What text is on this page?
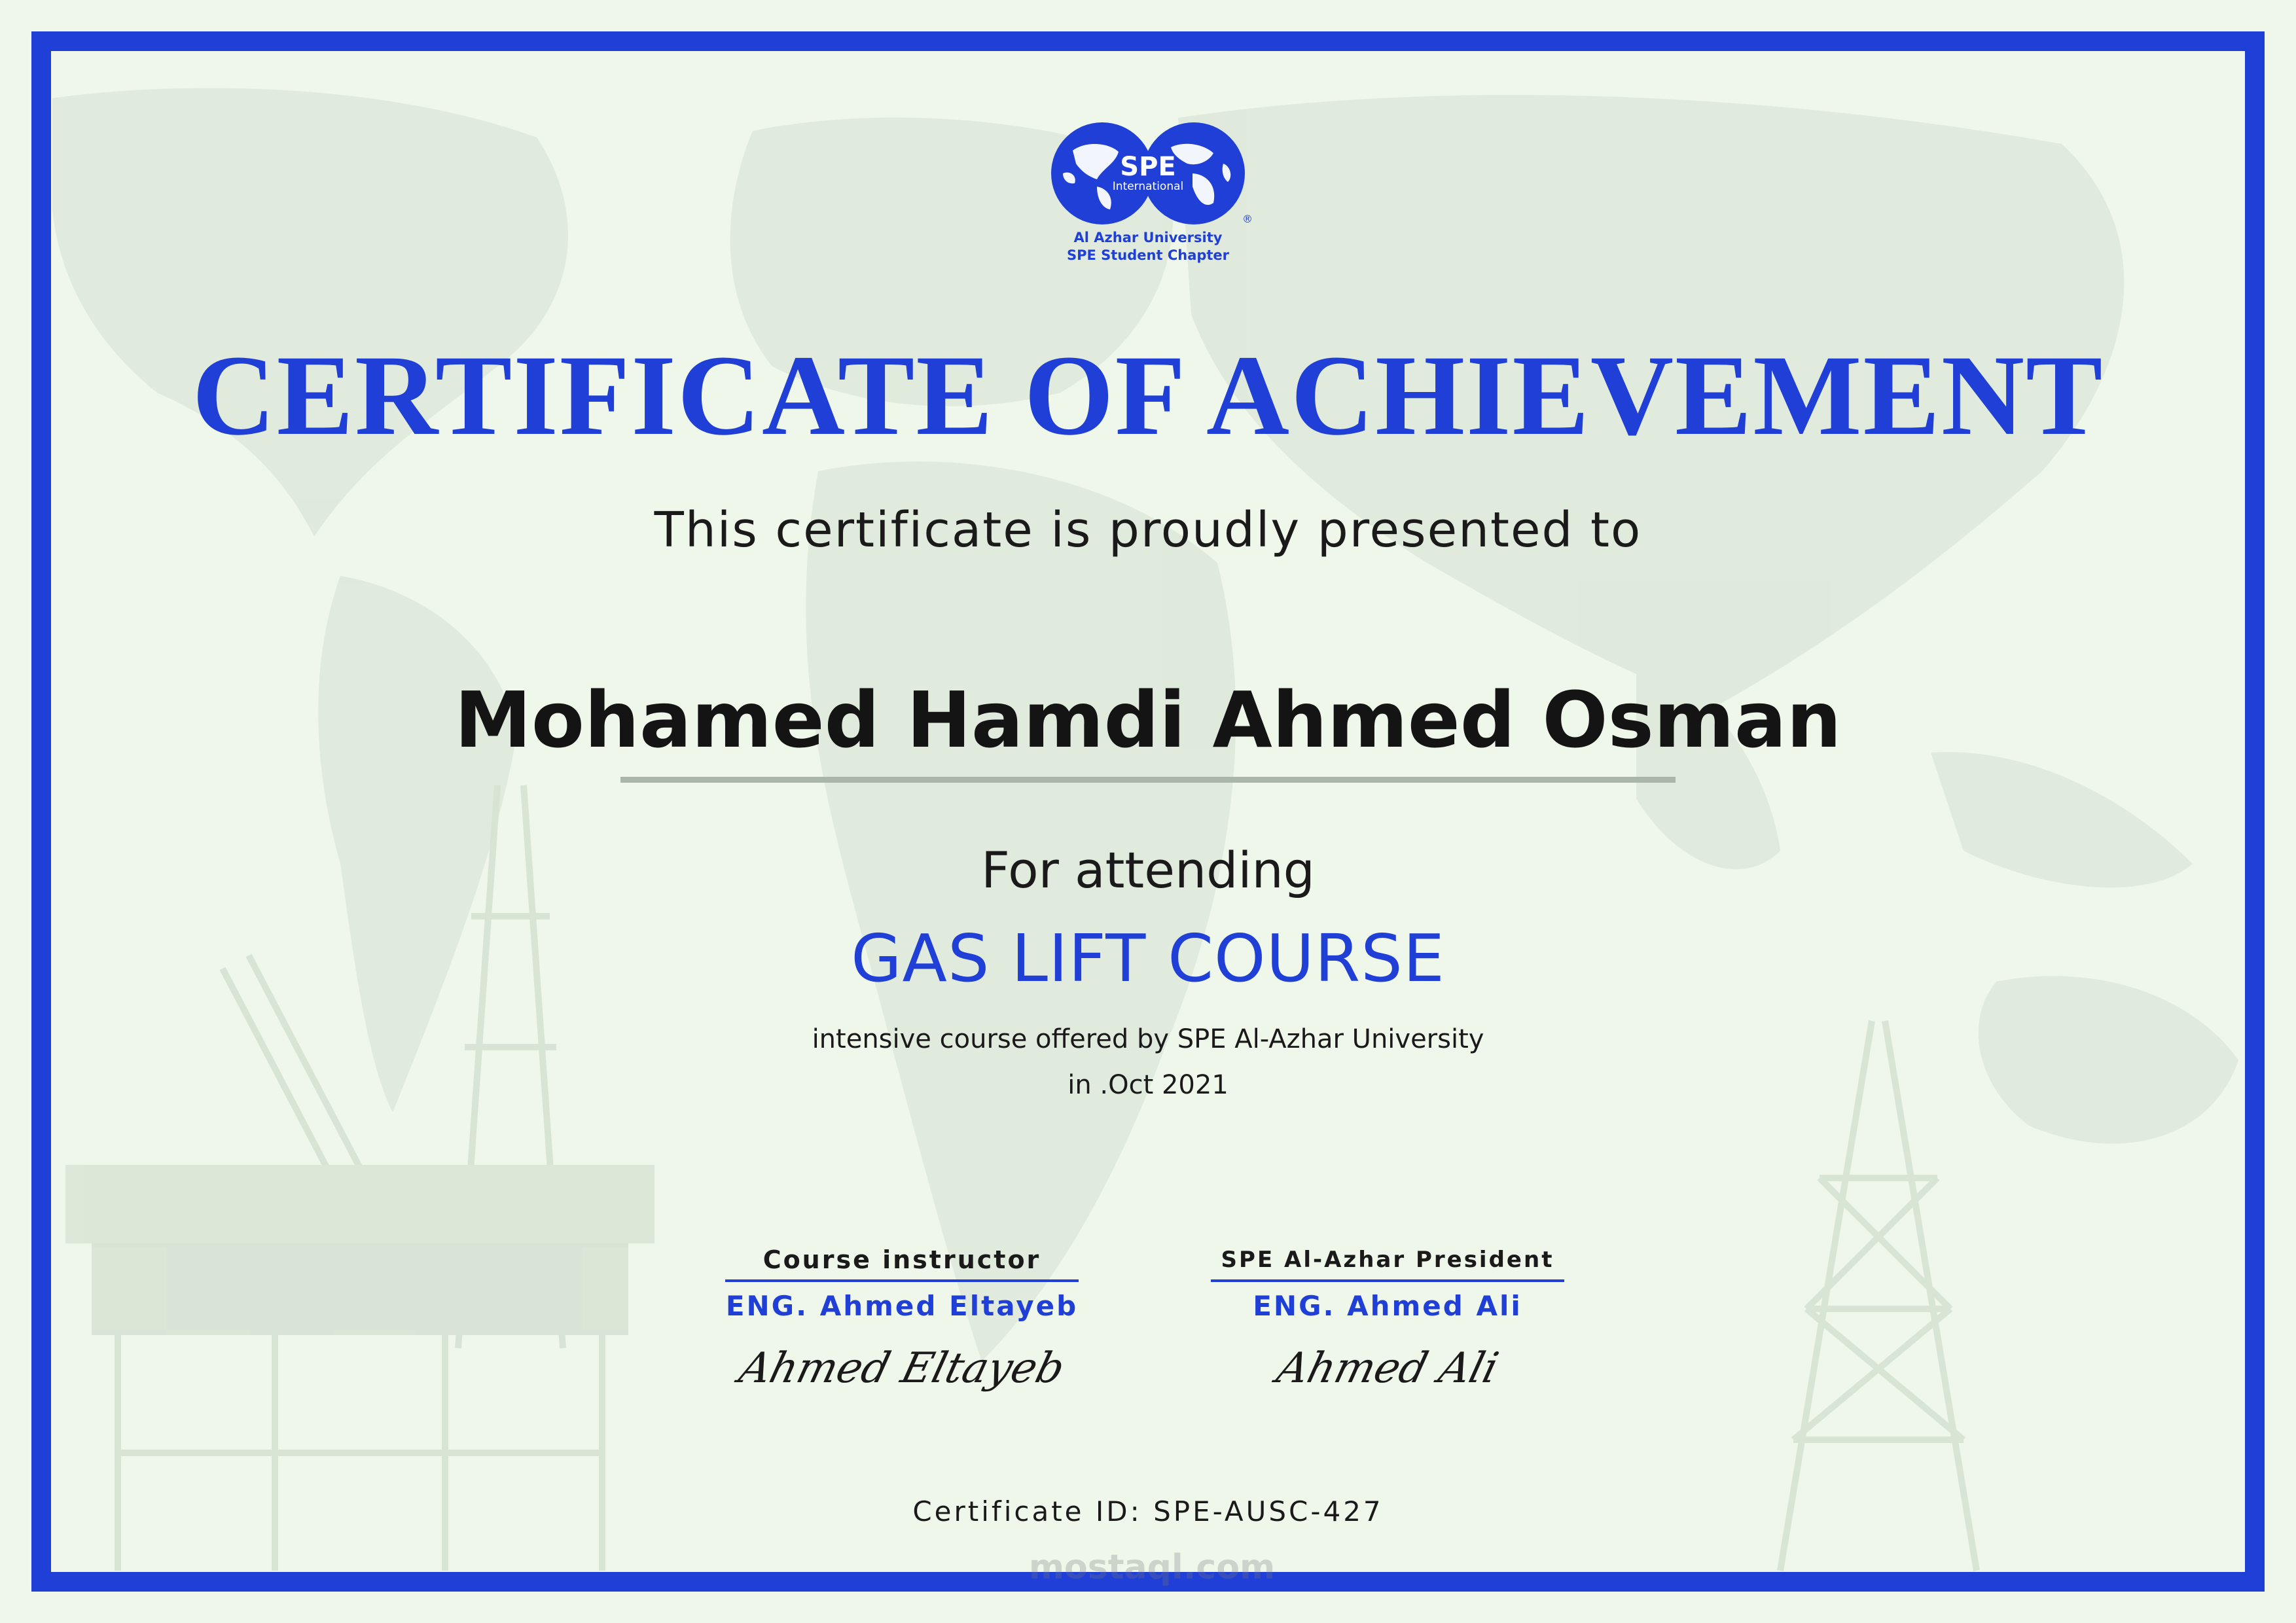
SPE
International
®
Al Azhar University
SPE Student Chapter
CERTIFICATE OF ACHIEVEMENT
This certificate is proudly presented to
Mohamed Hamdi Ahmed Osman
For attending
GAS LIFT COURSE
intensive course offered by SPE Al-Azhar University
in .Oct 2021
Course instructor
ENG. Ahmed Eltayeb
Ahmed Eltayeb
SPE Al-Azhar President
ENG. Ahmed Ali
Ahmed Ali
Certificate ID: SPE-AUSC-427
mostaql.com
